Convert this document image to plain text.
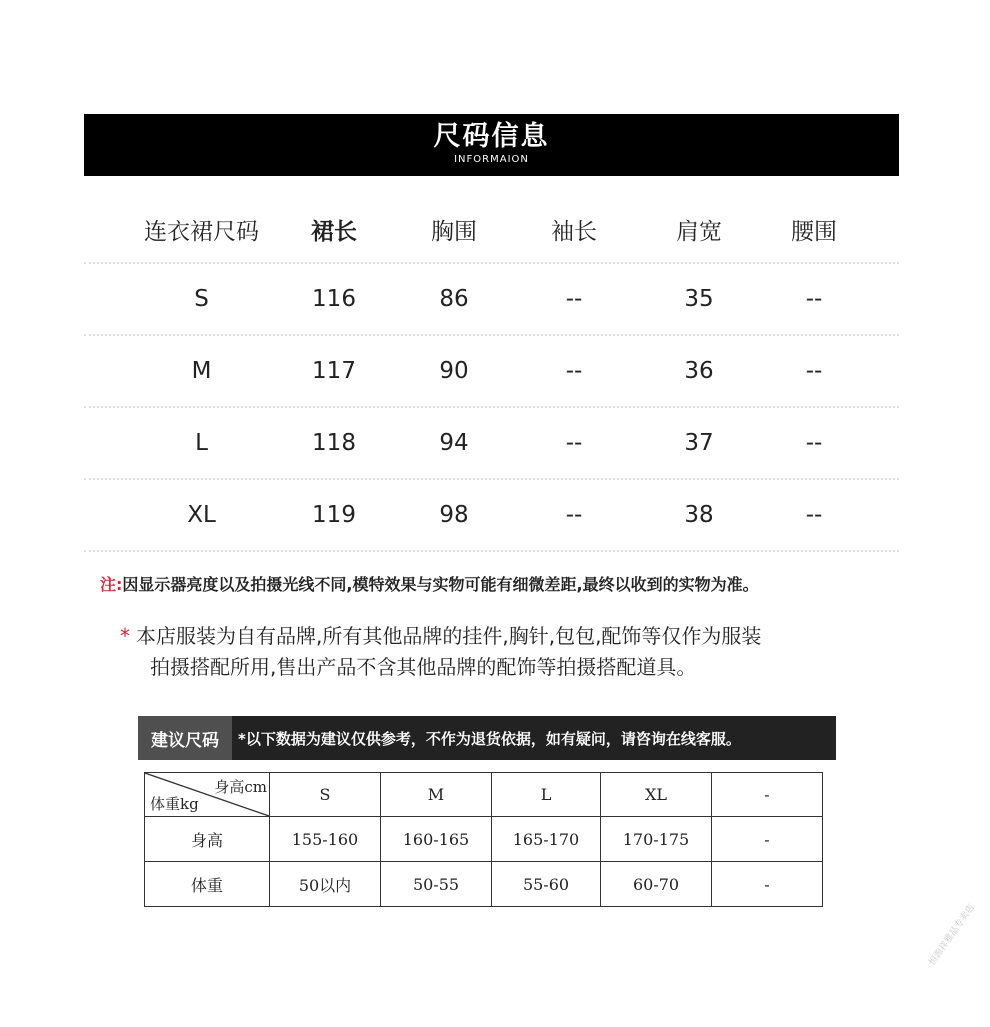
尺码信息
INFORMAION
连衣裙尺码	裙长	胸围	袖长	肩宽	腰围
S	116	86	--	35	--
M	117	90	--	36	--
L	118	94	--	37	--
XL	119	98	--	38	--
注:因显示器亮度以及拍摄光线不同,模特效果与实物可能有细微差距,最终以收到的实物为准。
* 本店服装为自有品牌,所有其他品牌的挂件,胸针,包包,配饰等仅作为服装
拍摄搭配所用,售出产品不含其他品牌的配饰等拍摄搭配道具。
建议尺码	*以下数据为建议仅供参考，不作为退货依据，如有疑问，请咨询在线客服。
身高cm
体重kg	S	M	L	XL	-
身高	155-160	160-165	165-170	170-175	-
体重	50以内	50-55	55-60	60-70	-
恒源祥雅晶专卖店
